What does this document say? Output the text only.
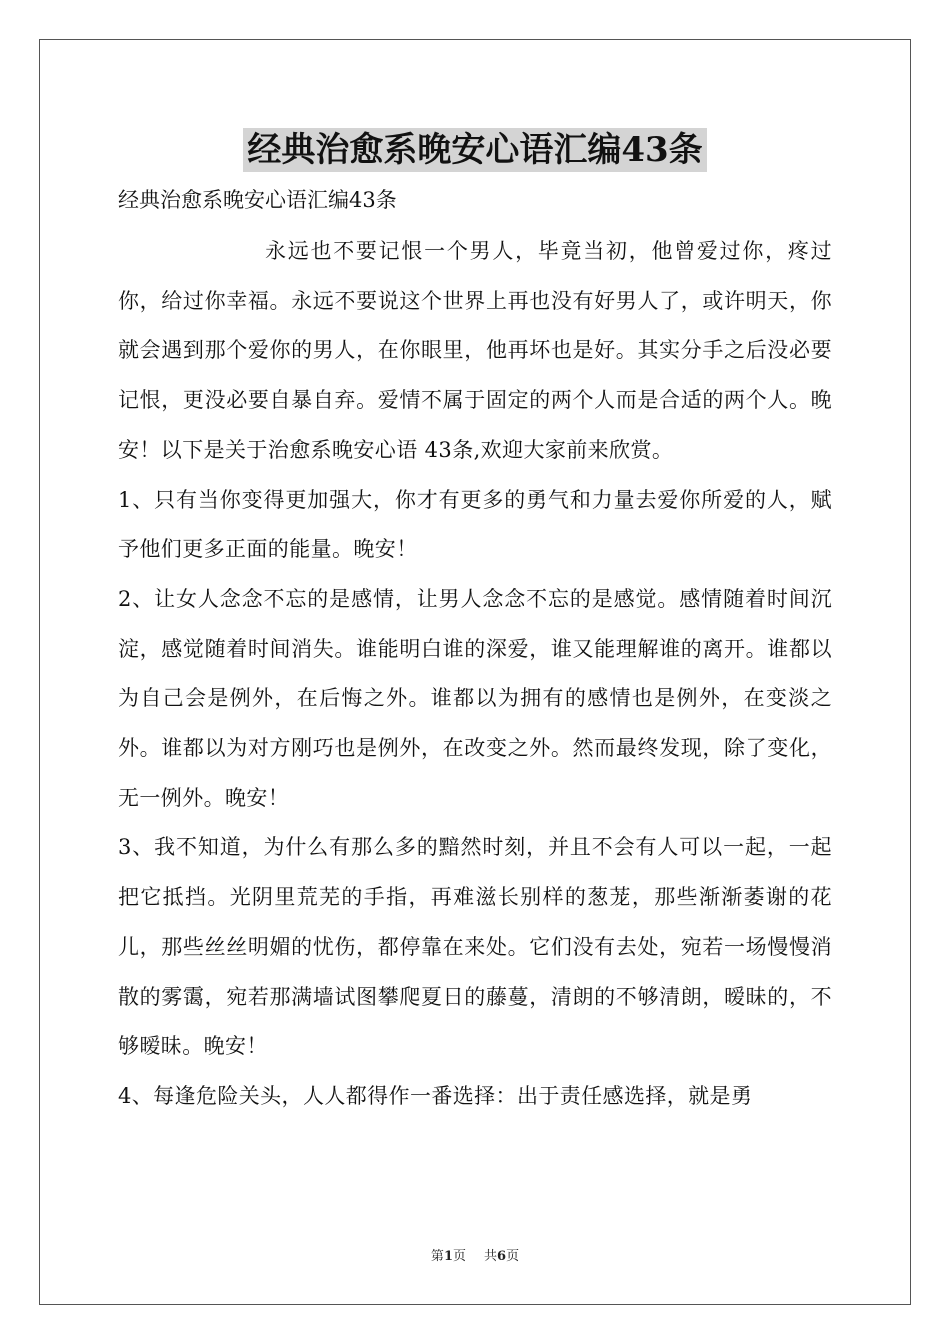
经典治愈系晚安心语汇编43条
经典治愈系晚安心语汇编43条

永远也不要记恨一个男人，毕竟当初，他曾爱过你，疼过你，给过你幸福。永远不要说这个世界上再也没有好男人了，或许明天，你就会遇到那个爱你的男人，在你眼里，他再坏也是好。其实分手之后没必要记恨，更没必要自暴自弃。爱情不属于固定的两个人而是合适的两个人。晚安！以下是关于治愈系晚安心语 43条,欢迎大家前来欣赏。

1、只有当你变得更加强大，你才有更多的勇气和力量去爱你所爱的人，赋予他们更多正面的能量。晚安！

2、让女人念念不忘的是感情，让男人念念不忘的是感觉。感情随着时间沉淀，感觉随着时间消失。谁能明白谁的深爱，谁又能理解谁的离开。谁都以为自己会是例外，在后悔之外。谁都以为拥有的感情也是例外，在变淡之外。谁都以为对方刚巧也是例外，在改变之外。然而最终发现，除了变化，无一例外。晚安！

3、我不知道，为什么有那么多的黯然时刻，并且不会有人可以一起，一起把它抵挡。光阴里荒芜的手指，再难滋长别样的葱茏，那些渐渐萎谢的花儿，那些丝丝明媚的忧伤，都停靠在来处。它们没有去处，宛若一场慢慢消散的雾霭，宛若那满墙试图攀爬夏日的藤蔓，清朗的不够清朗，暧昧的，不够暧昧。晚安！

4、每逢危险关头，人人都得作一番选择：出于责任感选择，就是勇

第1页 共6页
